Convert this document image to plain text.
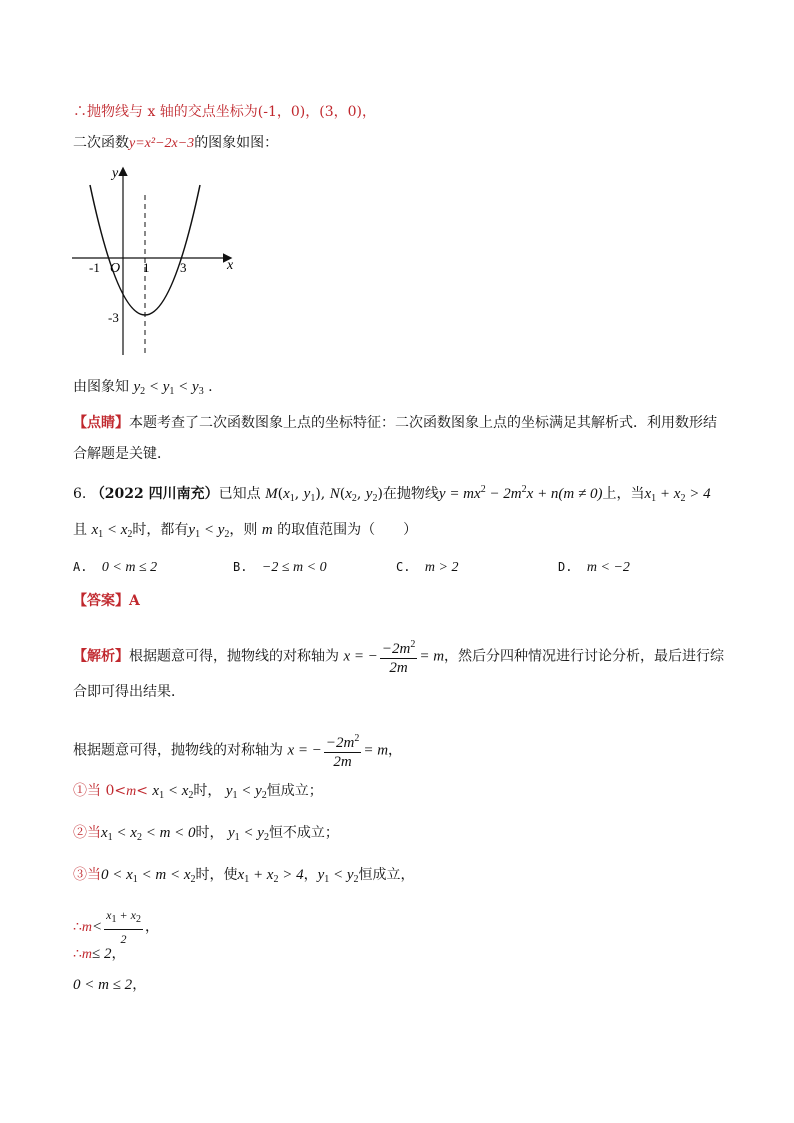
∴抛物线与 x 轴的交点坐标为(-1，0)，(3，0)，
二次函数y=x²−2x−3的图象如图：
y
x
O
-1	1 3
-3
由图象知 $y_2 < y_1 < y_3$ .
【点睛】本题考查了二次函数图象上点的坐标特征：二次函数图象上点的坐标满足其解析式．利用数形结
合解题是关键．
6. （2022 四川南充）已知点 $M(x_1$, $y_1$), $N(x_2$, $y_2$)在抛物线$y = mx^2 - 2m^2x + n(m \ne 0)$上，当$x_1 + x_2 > 4$
且 $x_1 < x_2$时，都有$y_1 < y_2$，则 m 的取值范围为（　　）
A. 0 < m ≤ 2	B. −2 ≤ m < 0	C. m > 2	D. m < −2
【答案】A
【解析】根据题意可得，抛物线的对称轴为 x = − $\frac{-2m^2}{2m} = m$，然后分四种情况进行讨论分析，最后进行综
合即可得出结果．
根据题意可得，抛物线的对称轴为 x = − $\frac{-2m^2}{2m} = m$，
①当 $0<m< x_1 < x_2$时， $y_1 < y_2$恒成立；
②当$x_1 < x_2 < m < 0$时， $y_1 < y_2$恒不成立；
③当$0 < x_1 < m < x_2$时，使$x_1 + x_2 > 4$，$y_1 < y_2$恒成立，
∴m< $\frac{x_1 + x_2}{2}$ ，
∴m≤ 2，
0 < m ≤ 2，
